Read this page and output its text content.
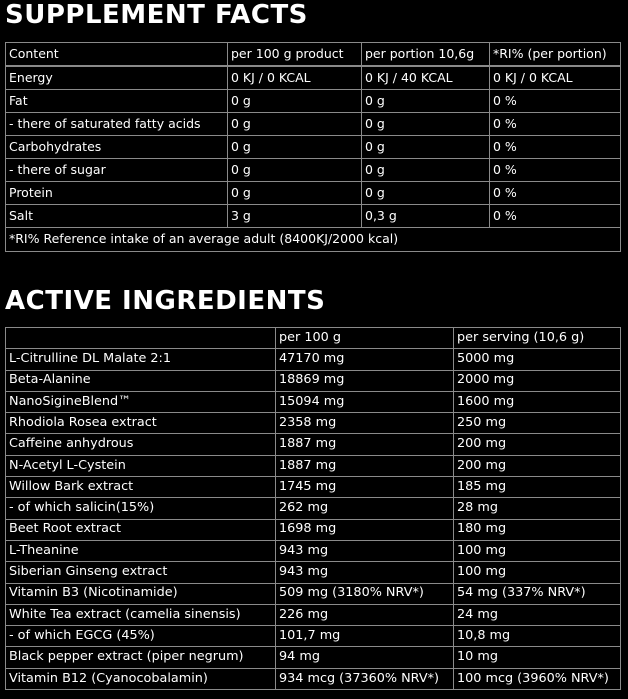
SUPPLEMENT FACTS
Content	per 100 g product	per portion 10,6g	*RI% (per portion)
Energy	0 KJ / 0 KCAL	0 KJ / 40 KCAL	0 KJ / 0 KCAL
Fat	0 g	0 g	0 %
- there of saturated fatty acids	0 g	0 g	0 %
Carbohydrates	0 g	0 g	0 %
- there of sugar	0 g	0 g	0 %
Protein	0 g	0 g	0 %
Salt	3 g	0,3 g	0 %
*RI% Reference intake of an average adult (8400KJ/2000 kcal)			
ACTIVE INGREDIENTS
	per 100 g	per serving (10,6 g)
L-Citrulline DL Malate 2:1	47170 mg	5000 mg
Beta-Alanine	18869 mg	2000 mg
NanoSigineBlend™	15094 mg	1600 mg
Rhodiola Rosea extract	2358 mg	250 mg
Caffeine anhydrous	1887 mg	200 mg
N-Acetyl L-Cystein	1887 mg	200 mg
Willow Bark extract	1745 mg	185 mg
- of which salicin(15%)	262 mg	28 mg
Beet Root extract	1698 mg	180 mg
L-Theanine	943 mg	100 mg
Siberian Ginseng extract	943 mg	100 mg
Vitamin B3 (Nicotinamide)	509 mg (3180% NRV*)	54 mg (337% NRV*)
White Tea extract (camelia sinensis)	226 mg	24 mg
- of which EGCG (45%)	101,7 mg	10,8 mg
Black pepper extract (piper negrum)	94 mg	10 mg
Vitamin B12 (Cyanocobalamin)	934 mcg (37360% NRV*)	100 mcg (3960% NRV*)
